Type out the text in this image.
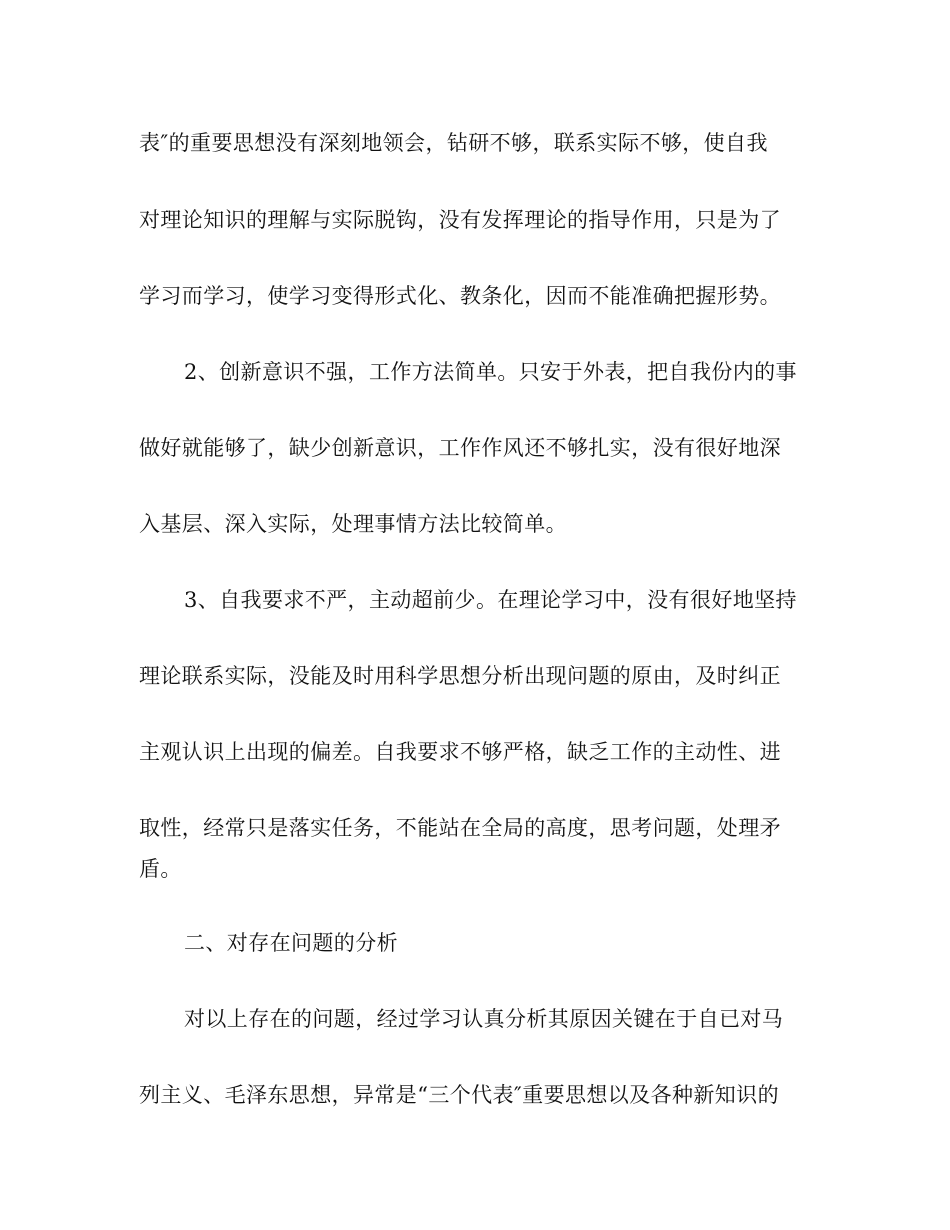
表″的重要思想没有深刻地领会，钻研不够，联系实际不够，使自我

对理论知识的理解与实际脱钩，没有发挥理论的指导作用，只是为了

学习而学习，使学习变得形式化、教条化，因而不能准确把握形势。

2、创新意识不强，工作方法简单。只安于外表，把自我份内的事

做好就能够了，缺少创新意识，工作作风还不够扎实，没有很好地深

入基层、深入实际，处理事情方法比较简单。

3、自我要求不严，主动超前少。在理论学习中，没有很好地坚持

理论联系实际，没能及时用科学思想分析出现问题的原由，及时纠正

主观认识上出现的偏差。自我要求不够严格，缺乏工作的主动性、进

取性，经常只是落实任务，不能站在全局的高度，思考问题，处理矛

盾。

二、对存在问题的分析

对以上存在的问题，经过学习认真分析其原因关键在于自已对马

列主义、毛泽东思想，异常是“三个代表″重要思想以及各种新知识的
